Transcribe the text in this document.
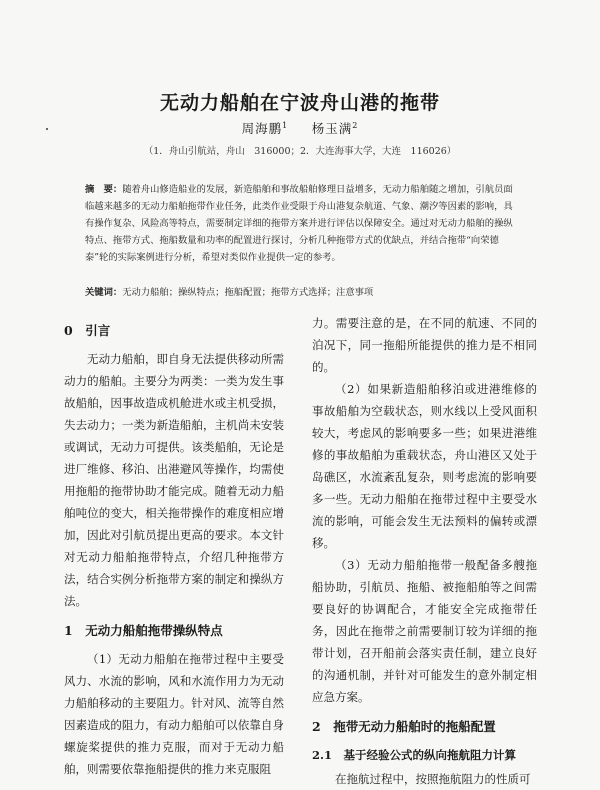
无动力船舶在宁波舟山港的拖带
周海鹏$^1$   杨玉满$^2$
（1．舟山引航站，舟山　316000；2．大连海事大学，大连　116026）
摘　要：随着舟山修造船业的发展，新造船舶和事故船舶修理日益增多，无动力船舶随之增加，引航员面临越来越多的无动力船舶拖带作业任务，此类作业受限于舟山港复杂航道、气象、潮汐等因素的影响，具有操作复杂、风险高等特点，需要制定详细的拖带方案并进行评估以保障安全。通过对无动力船舶的操纵特点、拖带方式、拖船数量和功率的配置进行探讨，分析几种拖带方式的优缺点，并结合拖带“向荣德泰”轮的实际案例进行分析，希望对类似作业提供一定的参考。
关键词：无动力船舶；操纵特点；拖船配置；拖带方式选择；注意事项
0　引言

无动力船舶，即自身无法提供移动所需动力的船舶。主要分为两类：一类为发生事故船舶，因事故造成机舱进水或主机受损，失去动力；一类为新造船舶，主机尚未安装或调试，无动力可提供。该类船舶，无论是进厂维修、移泊、出港避风等操作，均需使用拖船的拖带协助才能完成。随着无动力船舶吨位的变大，相关拖带操作的难度相应增加，因此对引航员提出更高的要求。本文针对无动力船舶拖带特点，介绍几种拖带方法，结合实例分析拖带方案的制定和操纵方法。

1　无动力船舶拖带操纵特点

（1）无动力船舶在拖带过程中主要受风力、水流的影响，风和水流作用力为无动力船舶移动的主要阻力。针对风、流等自然因素造成的阻力，有动力船舶可以依靠自身螺旋桨提供的推力克服，而对于无动力船舶，则需要依靠拖船提供的推力来克服阻

力。需要注意的是，在不同的航速、不同的泊况下，同一拖船所能提供的推力是不相同的。

（2）如果新造船舶移泊或进港维修的事故船舶为空载状态，则水线以上受风面积较大，考虑风的影响要多一些；如果进港维修的事故船舶为重载状态，舟山港区又处于岛礁区，水流紊乱复杂，则考虑流的影响要多一些。无动力船舶在拖带过程中主要受水流的影响，可能会发生无法预料的偏转或漂移。

（3）无动力船舶拖带一般配备多艘拖船协助，引航员、拖船、被拖船舶等之间需要良好的协调配合，才能安全完成拖带任务，因此在拖带之前需要制订较为详细的拖带计划，召开船前会落实责任制，建立良好的沟通机制，并针对可能发生的意外制定相应急方案。

2　拖带无动力船舶时的拖船配置
2.1　基于经验公式的纵向拖航阻力计算

在拖航过程中，按照拖航阻力的性质可
